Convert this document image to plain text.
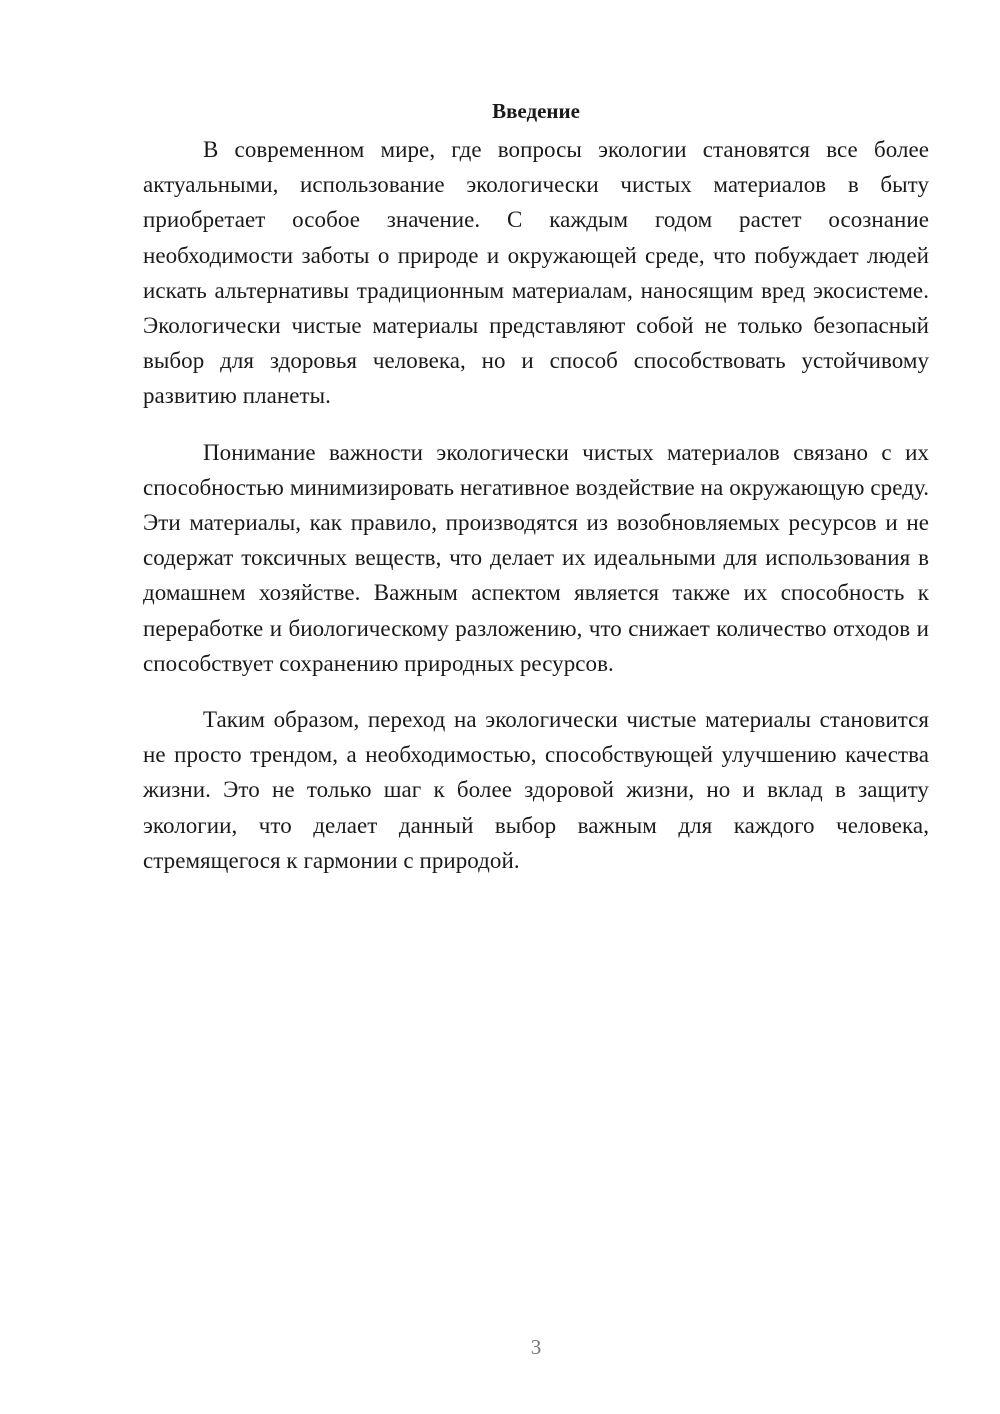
Введение

В современном мире, где вопросы экологии становятся все более актуальными, использование экологически чистых материалов в быту приобретает особое значение. С каждым годом растет осознание необходимости заботы о природе и окружающей среде, что побуждает людей искать альтернативы традиционным материалам, наносящим вред экосистеме. Экологически чистые материалы представляют собой не только безопасный выбор для здоровья человека, но и способ способствовать устойчивому развитию планеты.

Понимание важности экологически чистых материалов связано с их способностью минимизировать негативное воздействие на окружающую среду. Эти материалы, как правило, производятся из возобновляемых ресурсов и не содержат токсичных веществ, что делает их идеальными для использования в домашнем хозяйстве. Важным аспектом является также их способность к переработке и биологическому разложению, что снижает количество отходов и способствует сохранению природных ресурсов.

Таким образом, переход на экологически чистые материалы становится не просто трендом, а необходимостью, способствующей улучшению качества жизни. Это не только шаг к более здоровой жизни, но и вклад в защиту экологии, что делает данный выбор важным для каждого человека, стремящегося к гармонии с природой.

3
